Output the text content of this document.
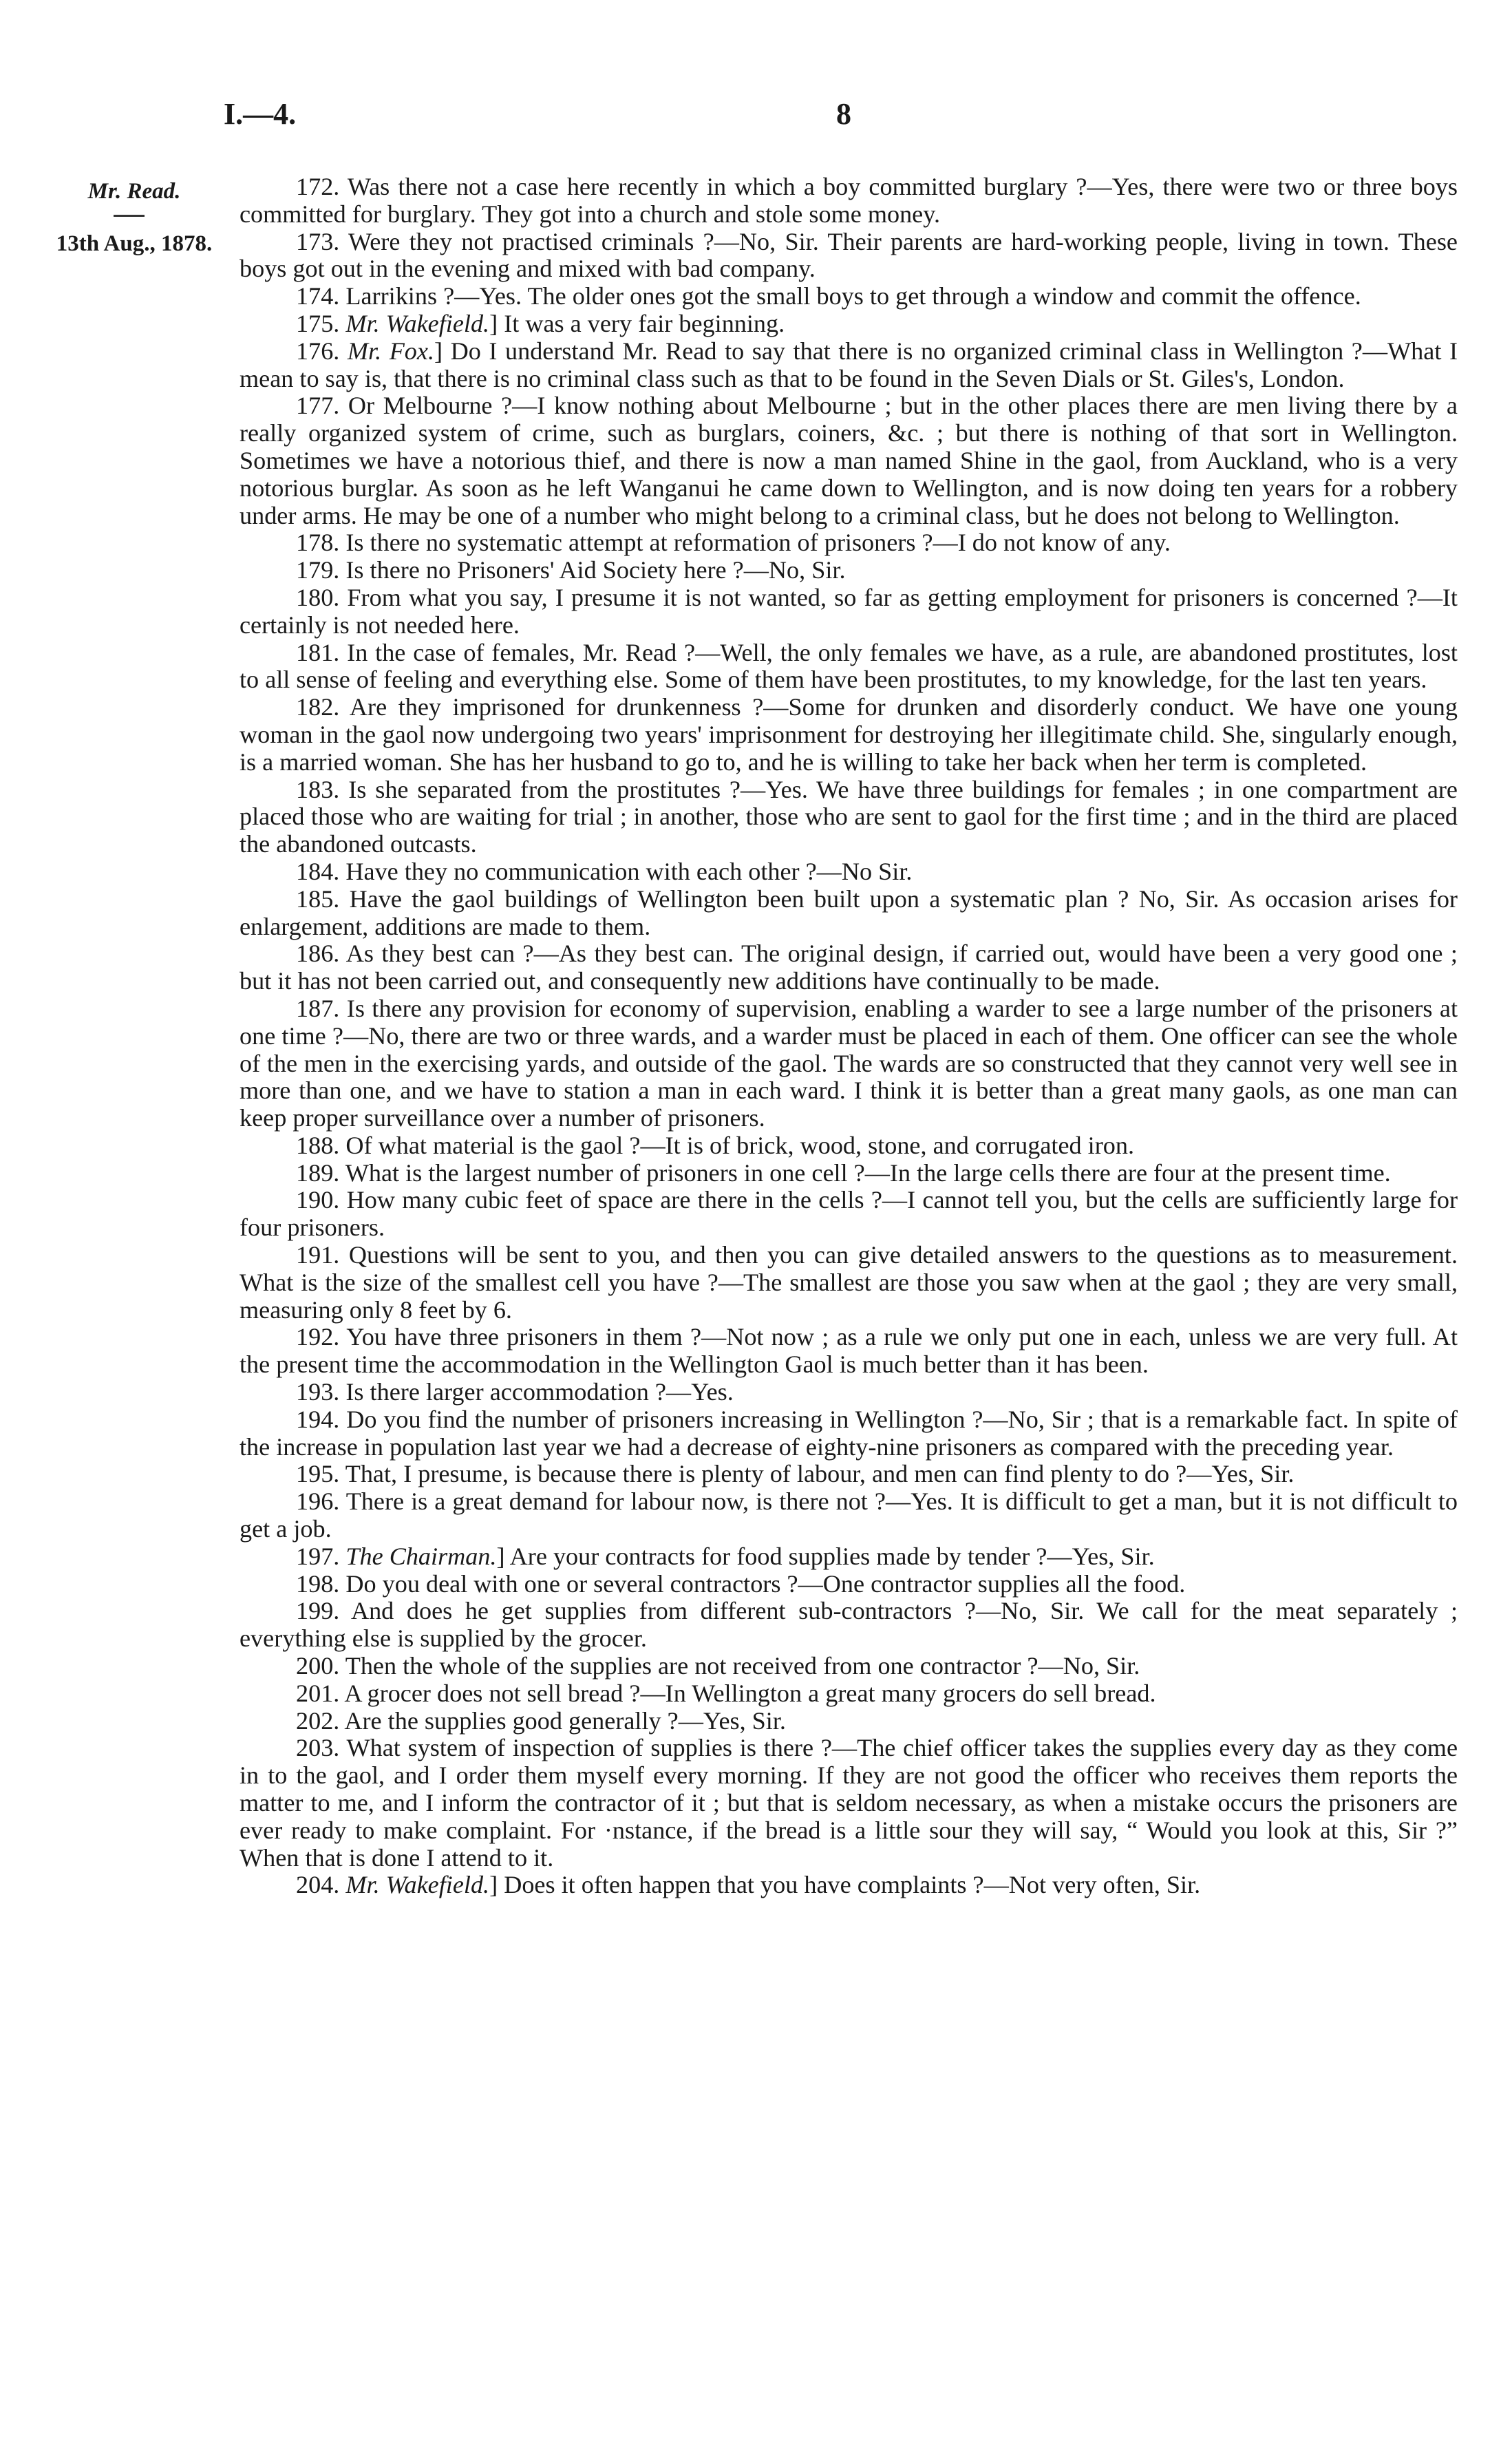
I.—4.	8
Mr. Read.
13th Aug., 1878.

172. Was there not a case here recently in which a boy committed burglary ?—Yes, there were two or three boys committed for burglary. They got into a church and stole some money.

173. Were they not practised criminals ?—No, Sir. Their parents are hard-working people, living in town. These boys got out in the evening and mixed with bad company.

174. Larrikins ?—Yes. The older ones got the small boys to get through a window and commit the offence.

175. Mr. Wakefield.] It was a very fair beginning.

176. Mr. Fox.] Do I understand Mr. Read to say that there is no organized criminal class in Wellington ?—What I mean to say is, that there is no criminal class such as that to be found in the Seven Dials or St. Giles's, London.

177. Or Melbourne ?—I know nothing about Melbourne ; but in the other places there are men living there by a really organized system of crime, such as burglars, coiners, &c. ; but there is nothing of that sort in Wellington. Sometimes we have a notorious thief, and there is now a man named Shine in the gaol, from Auckland, who is a very notorious burglar. As soon as he left Wanganui he came down to Wellington, and is now doing ten years for a robbery under arms. He may be one of a number who might belong to a criminal class, but he does not belong to Wellington.

178. Is there no systematic attempt at reformation of prisoners ?—I do not know of any.

179. Is there no Prisoners' Aid Society here ?—No, Sir.

180. From what you say, I presume it is not wanted, so far as getting employment for prisoners is concerned ?—It certainly is not needed here.

181. In the case of females, Mr. Read ?—Well, the only females we have, as a rule, are abandoned prostitutes, lost to all sense of feeling and everything else. Some of them have been prostitutes, to my knowledge, for the last ten years.

182. Are they imprisoned for drunkenness ?—Some for drunken and disorderly conduct. We have one young woman in the gaol now undergoing two years' imprisonment for destroying her illegitimate child. She, singularly enough, is a married woman. She has her husband to go to, and he is willing to take her back when her term is completed.

183. Is she separated from the prostitutes ?—Yes. We have three buildings for females ; in one compartment are placed those who are waiting for trial ; in another, those who are sent to gaol for the first time ; and in the third are placed the abandoned outcasts.

184. Have they no communication with each other ?—No Sir.

185. Have the gaol buildings of Wellington been built upon a systematic plan ? No, Sir. As occasion arises for enlargement, additions are made to them.

186. As they best can ?—As they best can. The original design, if carried out, would have been a very good one ; but it has not been carried out, and consequently new additions have continually to be made.

187. Is there any provision for economy of supervision, enabling a warder to see a large number of the prisoners at one time ?—No, there are two or three wards, and a warder must be placed in each of them. One officer can see the whole of the men in the exercising yards, and outside of the gaol. The wards are so constructed that they cannot very well see in more than one, and we have to station a man in each ward. I think it is better than a great many gaols, as one man can keep proper surveillance over a number of prisoners.

188. Of what material is the gaol ?—It is of brick, wood, stone, and corrugated iron.

189. What is the largest number of prisoners in one cell ?—In the large cells there are four at the present time.

190. How many cubic feet of space are there in the cells ?—I cannot tell you, but the cells are sufficiently large for four prisoners.

191. Questions will be sent to you, and then you can give detailed answers to the questions as to measurement. What is the size of the smallest cell you have ?—The smallest are those you saw when at the gaol ; they are very small, measuring only 8 feet by 6.

192. You have three prisoners in them ?—Not now ; as a rule we only put one in each, unless we are very full. At the present time the accommodation in the Wellington Gaol is much better than it has been.

193. Is there larger accommodation ?—Yes.

194. Do you find the number of prisoners increasing in Wellington ?—No, Sir ; that is a remarkable fact. In spite of the increase in population last year we had a decrease of eighty-nine prisoners as compared with the preceding year.

195. That, I presume, is because there is plenty of labour, and men can find plenty to do ?—Yes, Sir.

196. There is a great demand for labour now, is there not ?—Yes. It is difficult to get a man, but it is not difficult to get a job.

197. The Chairman.] Are your contracts for food supplies made by tender ?—Yes, Sir.

198. Do you deal with one or several contractors ?—One contractor supplies all the food.

199. And does he get supplies from different sub-contractors ?—No, Sir. We call for the meat separately ; everything else is supplied by the grocer.

200. Then the whole of the supplies are not received from one contractor ?—No, Sir.

201. A grocer does not sell bread ?—In Wellington a great many grocers do sell bread.

202. Are the supplies good generally ?—Yes, Sir.

203. What system of inspection of supplies is there ?—The chief officer takes the supplies every day as they come in to the gaol, and I order them myself every morning. If they are not good the officer who receives them reports the matter to me, and I inform the contractor of it ; but that is seldom necessary, as when a mistake occurs the prisoners are ever ready to make complaint. For ·nstance, if the bread is a little sour they will say, “ Would you look at this, Sir ?” When that is done I attend to it.

204. Mr. Wakefield.] Does it often happen that you have complaints ?—Not very often, Sir.
